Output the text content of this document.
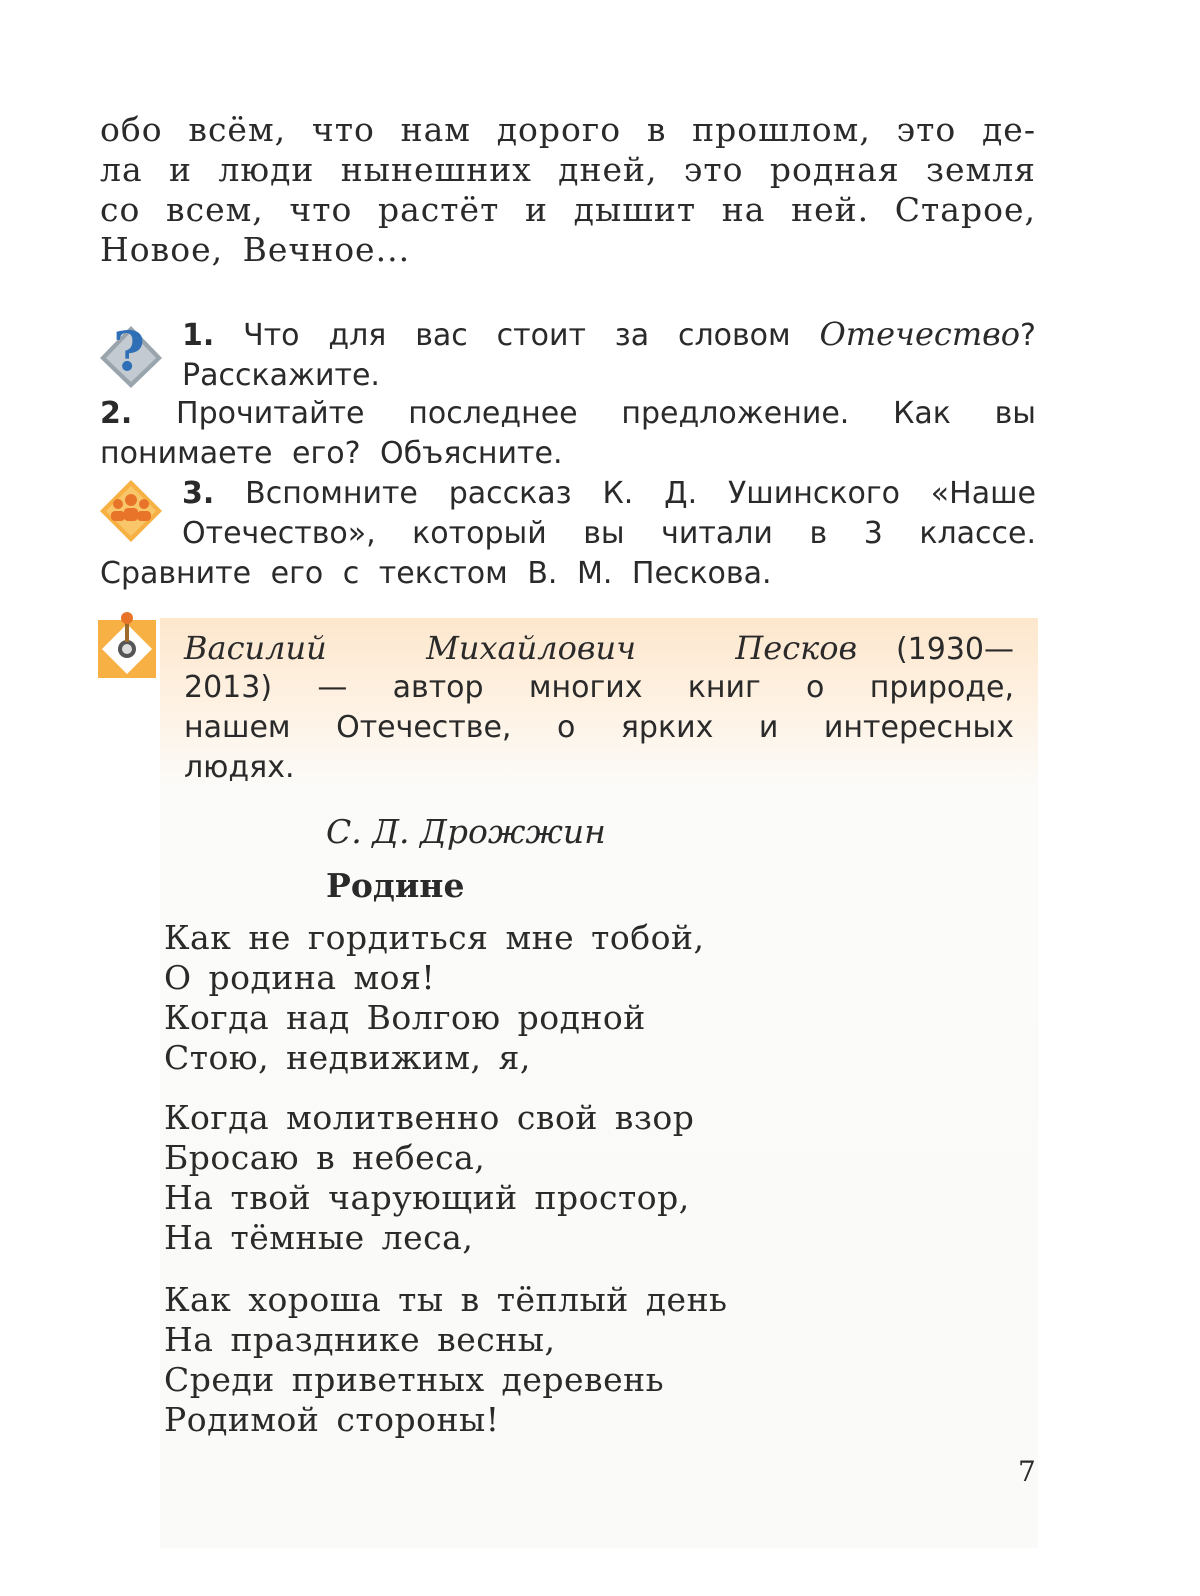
обо всём, что нам дорого в прошлом, это де-
ла и люди нынешних дней, это родная земля
со всем, что растёт и дышит на ней. Старое,
Новое, Вечное...
? 1. Что для вас стоит за словом Отечество?
Расскажите.
2. Прочитайте последнее предложение. Как вы
понимаете его? Объясните.
3. Вспомните рассказ К. Д. Ушинского «Наше
Отечество», который вы читали в 3 классе.
Сравните его с текстом В. М. Пескова.
Василий Михайлович Песков (1930—
2013) — автор многих книг о природе,
нашем Отечестве, о ярких и интересных
людях.
С. Д. Дрожжин
Родине
Как не гордиться мне тобой,
О родина моя!
Когда над Волгою родной
Стою, недвижим, я,
Когда молитвенно свой взор
Бросаю в небеса,
На твой чарующий простор,
На тёмные леса,
Как хороша ты в тёплый день
На празднике весны,
Среди приветных деревень
Родимой стороны!
7
